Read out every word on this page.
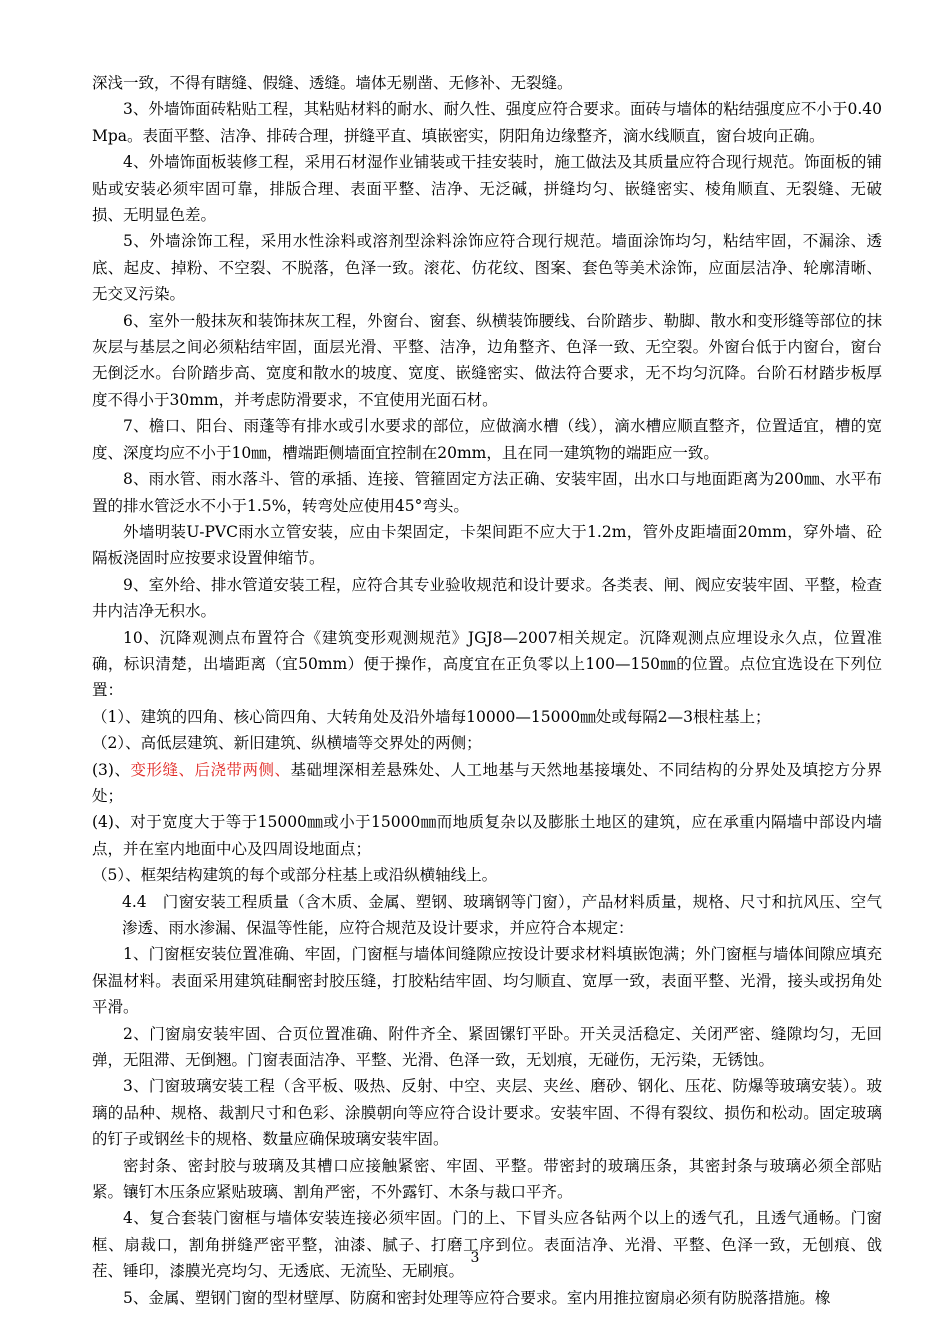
深浅一致，不得有瞎缝、假缝、透缝。墙体无剔凿、无修补、无裂缝。

3、外墙饰面砖粘贴工程，其粘贴材料的耐水、耐久性、强度应符合要求。面砖与墙体的粘结强度应不小于0.40Mpa。表面平整、洁净、排砖合理，拼缝平直、填嵌密实，阴阳角边缘整齐，滴水线顺直，窗台坡向正确。

4、外墙饰面板装修工程，采用石材湿作业铺装或干挂安装时，施工做法及其质量应符合现行规范。饰面板的铺贴或安装必须牢固可靠，排版合理、表面平整、洁净、无泛碱，拼缝均匀、嵌缝密实、棱角顺直、无裂缝、无破损、无明显色差。

5、外墙涂饰工程，采用水性涂料或溶剂型涂料涂饰应符合现行规范。墙面涂饰均匀，粘结牢固，不漏涂、透底、起皮、掉粉、不空裂、不脱落，色泽一致。滚花、仿花纹、图案、套色等美术涂饰，应面层洁净、轮廓清晰、无交叉污染。

6、室外一般抹灰和装饰抹灰工程，外窗台、窗套、纵横装饰腰线、台阶踏步、勒脚、散水和变形缝等部位的抹灰层与基层之间必须粘结牢固，面层光滑、平整、洁净，边角整齐、色泽一致、无空裂。外窗台低于内窗台，窗台无倒泛水。台阶踏步高、宽度和散水的坡度、宽度、嵌缝密实、做法符合要求，无不均匀沉降。台阶石材踏步板厚度不得小于30mm，并考虑防滑要求，不宜使用光面石材。

7、檐口、阳台、雨蓬等有排水或引水要求的部位，应做滴水槽（线），滴水槽应顺直整齐，位置适宜，槽的宽度、深度均应不小于10㎜，槽端距侧墙面宜控制在20mm，且在同一建筑物的端距应一致。

8、雨水管、雨水落斗、管的承插、连接、管箍固定方法正确、安装牢固，出水口与地面距离为200㎜、水平布置的排水管泛水不小于1.5%，转弯处应使用45°弯头。

外墙明装U-PVC雨水立管安装，应由卡架固定，卡架间距不应大于1.2m，管外皮距墙面20mm，穿外墙、砼隔板浇固时应按要求设置伸缩节。

9、室外给、排水管道安装工程，应符合其专业验收规范和设计要求。各类表、闸、阀应安装牢固、平整，检查井内洁净无积水。

10、沉降观测点布置符合《建筑变形观测规范》JGJ8—2007相关规定。沉降观测点应埋设永久点，位置准确，标识清楚，出墙距离（宜50mm）便于操作，高度宜在正负零以上100—150㎜的位置。点位宜选设在下列位置：

（1）、建筑的四角、核心筒四角、大转角处及沿外墙每10000—15000㎜处或每隔2—3根柱基上；

（2）、高低层建筑、新旧建筑、纵横墙等交界处的两侧；

(3)、变形缝、后浇带两侧、基础埋深相差悬殊处、人工地基与天然地基接壤处、不同结构的分界处及填挖方分界处；

(4)、对于宽度大于等于15000㎜或小于15000㎜而地质复杂以及膨胀土地区的建筑，应在承重内隔墙中部设内墙点，并在室内地面中心及四周设地面点；

（5）、框架结构建筑的每个或部分柱基上或沿纵横轴线上。

4.4　门窗安装工程质量（含木质、金属、塑钢、玻璃钢等门窗），产品材料质量，规格、尺寸和抗风压、空气渗透、雨水渗漏、保温等性能，应符合规范及设计要求，并应符合本规定：

1、门窗框安装位置准确、牢固，门窗框与墙体间缝隙应按设计要求材料填嵌饱满；外门窗框与墙体间隙应填充保温材料。表面采用建筑硅酮密封胶压缝，打胶粘结牢固、均匀顺直、宽厚一致，表面平整、光滑，接头或拐角处平滑。

2、门窗扇安装牢固、合页位置准确、附件齐全、紧固镙钉平卧。开关灵活稳定、关闭严密、缝隙均匀，无回弹，无阻滞、无倒翘。门窗表面洁净、平整、光滑、色泽一致，无划痕，无碰伤，无污染，无锈蚀。

3、门窗玻璃安装工程（含平板、吸热、反射、中空、夹层、夹丝、磨砂、钢化、压花、防爆等玻璃安装）。玻璃的品种、规格、裁割尺寸和色彩、涂膜朝向等应符合设计要求。安装牢固、不得有裂纹、损伤和松动。固定玻璃的钉子或钢丝卡的规格、数量应确保玻璃安装牢固。

密封条、密封胶与玻璃及其槽口应接触紧密、牢固、平整。带密封的玻璃压条，其密封条与玻璃必须全部贴紧。镶钉木压条应紧贴玻璃、割角严密，不外露钉、木条与裁口平齐。

4、复合套装门窗框与墙体安装连接必须牢固。门的上、下冒头应各钻两个以上的透气孔，且透气通畅。门窗框、扇裁口，割角拼缝严密平整，油漆、腻子、打磨工序到位。表面洁净、光滑、平整、色泽一致，无刨痕、戗茬、锤印，漆膜光亮均匀、无透底、无流坠、无刷痕。

5、金属、塑钢门窗的型材壁厚、防腐和密封处理等应符合要求。室内用推拉窗扇必须有防脱落措施。橡

3
